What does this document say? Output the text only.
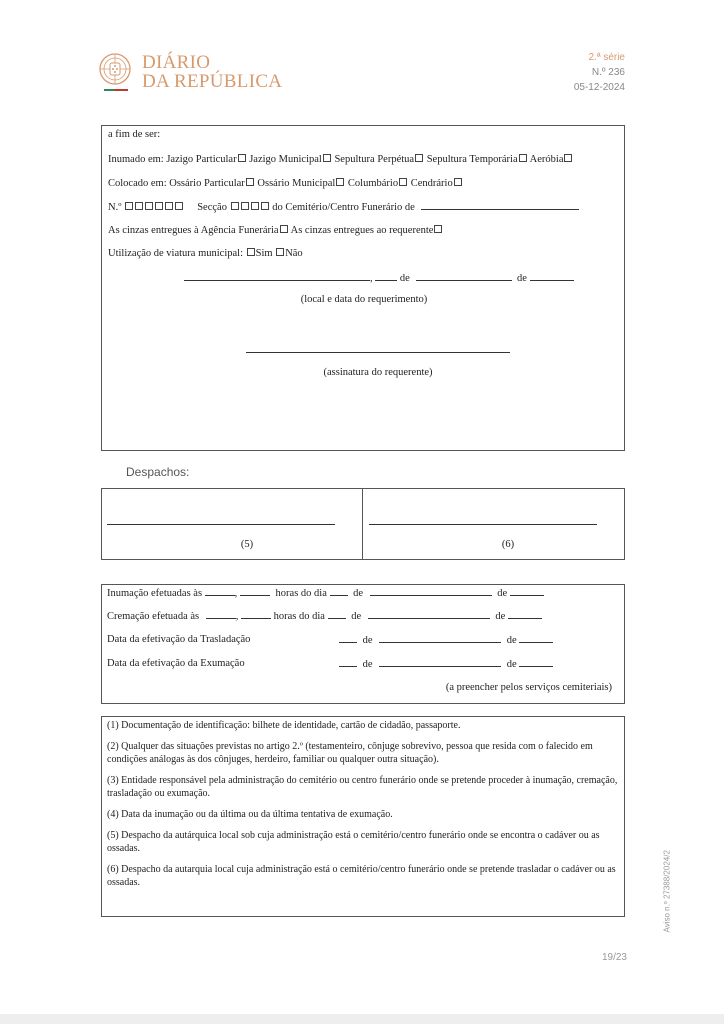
DIÁRIO
DA REPÚBLICA
2.ª série
N.º 236
05-12-2024
a fim de ser:
Inumado em: Jazigo Particular Jazigo Municipal Sepultura Perpétua Sepultura Temporária Aeróbia
Colocado em: Ossário Particular Ossário Municipal Columbário Cendrário
N.º	Secção	do Cemitério/Centro Funerário de
As cinzas entregues à Agência Funerária As cinzas entregues ao requerente
Utilização de viatura municipal: Sim Não
,	de	de
(local e data do requerimento)
(assinatura do requerente)
Despachos:
(5)	(6)
Inumação efetuadas às	,	horas do dia	de	de
Cremação efetuada às	,	horas do dia	de	de
Data da efetivação da Trasladação	de	de
Data da efetivação da Exumação	de	de
(a preencher pelos serviços cemiteriais)

(1) Documentação de identificação: bilhete de identidade, cartão de cidadão, passaporte.

(2) Qualquer das situações previstas no artigo 2.º (testamenteiro, cônjuge sobrevivo, pessoa que resida com o falecido em condições análogas às dos cônjuges, herdeiro, familiar ou qualquer outra situação).

(3) Entidade responsável pela administração do cemitério ou centro funerário onde se pretende proceder à inumação, cremação, trasladação ou exumação.

(4) Data da inumação ou da última ou da última tentativa de exumação.

(5) Despacho da autárquica local sob cuja administração está o cemitério/centro funerário onde se encontra o cadáver ou as ossadas.

(6) Despacho da autarquia local cuja administração está o cemitério/centro funerário onde se pretende trasladar o cadáver ou as ossadas.	Aviso n.º 27388/2024/2
19/23
